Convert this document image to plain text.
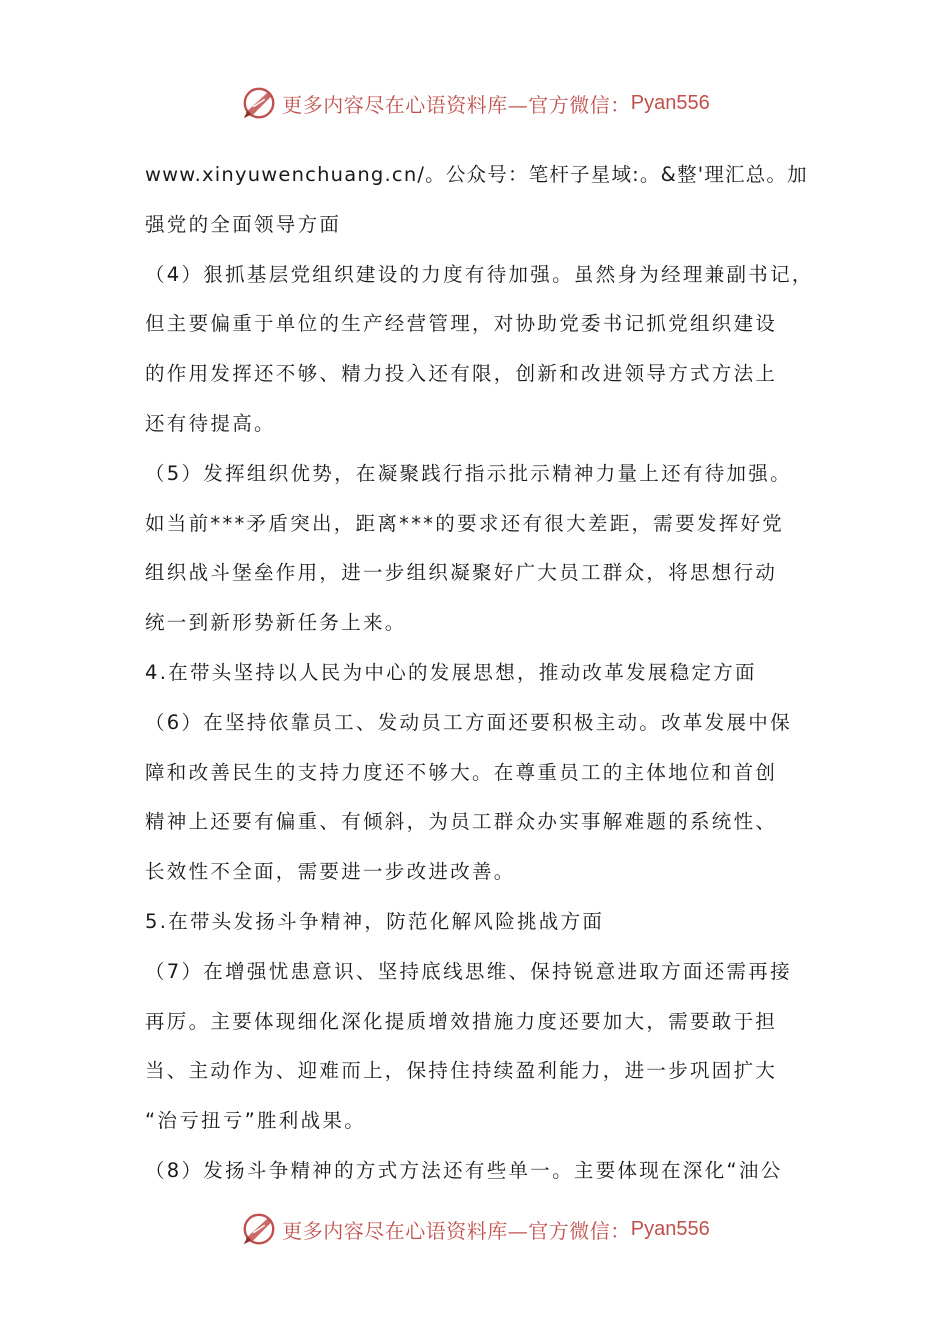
更多内容尽在心语资料库—官方微信： Pyan556
www.xinyuwenchuang.cn/。公众号：笔杆子星域:。&整'理汇总。加
强党的全面领导方面
（4）狠抓基层党组织建设的力度有待加强。虽然身为经理兼副书记，
但主要偏重于单位的生产经营管理，对协助党委书记抓党组织建设
的作用发挥还不够、精力投入还有限，创新和改进领导方式方法上
还有待提高。
（5）发挥组织优势，在凝聚践行指示批示精神力量上还有待加强。
如当前***矛盾突出，距离***的要求还有很大差距，需要发挥好党
组织战斗堡垒作用，进一步组织凝聚好广大员工群众，将思想行动
统一到新形势新任务上来。
4.在带头坚持以人民为中心的发展思想，推动改革发展稳定方面
（6）在坚持依靠员工、发动员工方面还要积极主动。改革发展中保
障和改善民生的支持力度还不够大。在尊重员工的主体地位和首创
精神上还要有偏重、有倾斜，为员工群众办实事解难题的系统性、
长效性不全面，需要进一步改进改善。
5.在带头发扬斗争精神，防范化解风险挑战方面
（7）在增强忧患意识、坚持底线思维、保持锐意进取方面还需再接
再厉。主要体现细化深化提质增效措施力度还要加大，需要敢于担
当、主动作为、迎难而上，保持住持续盈利能力，进一步巩固扩大
“治亏扭亏”胜利战果。
（8）发扬斗争精神的方式方法还有些单一。主要体现在深化“油公
更多内容尽在心语资料库—官方微信： Pyan556
